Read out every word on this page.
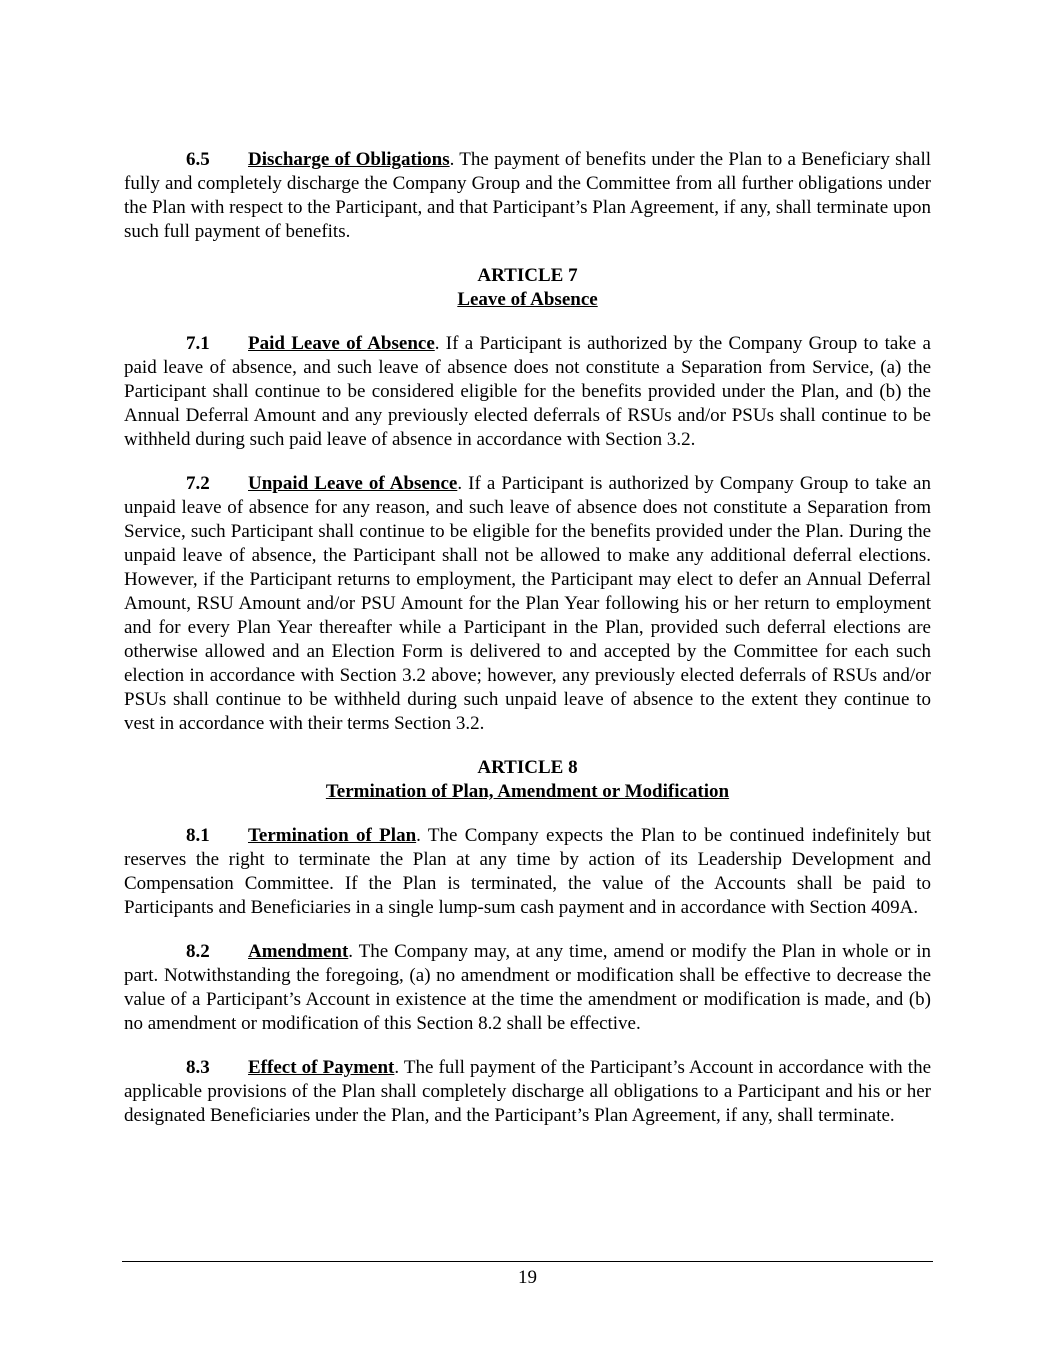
6.5 Discharge of Obligations. The payment of benefits under the Plan to a Beneficiary shall fully and completely discharge the Company Group and the Committee from all further obligations under the Plan with respect to the Participant, and that Participant’s Plan Agreement, if any, shall terminate upon such full payment of benefits.

ARTICLE 7
Leave of Absence

7.1 Paid Leave of Absence. If a Participant is authorized by the Company Group to take a paid leave of absence, and such leave of absence does not constitute a Separation from Service, (a) the Participant shall continue to be considered eligible for the benefits provided under the Plan, and (b) the Annual Deferral Amount and any previously elected deferrals of RSUs and/or PSUs shall continue to be withheld during such paid leave of absence in accordance with Section 3.2.

7.2 Unpaid Leave of Absence. If a Participant is authorized by Company Group to take an unpaid leave of absence for any reason, and such leave of absence does not constitute a Separation from Service, such Participant shall continue to be eligible for the benefits provided under the Plan. During the unpaid leave of absence, the Participant shall not be allowed to make any additional deferral elections. However, if the Participant returns to employment, the Participant may elect to defer an Annual Deferral Amount, RSU Amount and/or PSU Amount for the Plan Year following his or her return to employment and for every Plan Year thereafter while a Participant in the Plan, provided such deferral elections are otherwise allowed and an Election Form is delivered to and accepted by the Committee for each such election in accordance with Section 3.2 above; however, any previously elected deferrals of RSUs and/or PSUs shall continue to be withheld during such unpaid leave of absence to the extent they continue to vest in accordance with their terms Section 3.2.

ARTICLE 8
Termination of Plan, Amendment or Modification

8.1 Termination of Plan. The Company expects the Plan to be continued indefinitely but reserves the right to terminate the Plan at any time by action of its Leadership Development and Compensation Committee. If the Plan is terminated, the value of the Accounts shall be paid to Participants and Beneficiaries in a single lump-sum cash payment and in accordance with Section 409A.

8.2 Amendment. The Company may, at any time, amend or modify the Plan in whole or in part. Notwithstanding the foregoing, (a) no amendment or modification shall be effective to decrease the value of a Participant’s Account in existence at the time the amendment or modification is made, and (b) no amendment or modification of this Section 8.2 shall be effective.

8.3 Effect of Payment. The full payment of the Participant’s Account in accordance with the applicable provisions of the Plan shall completely discharge all obligations to a Participant and his or her designated Beneficiaries under the Plan, and the Participant’s Plan Agreement, if any, shall terminate.

19
